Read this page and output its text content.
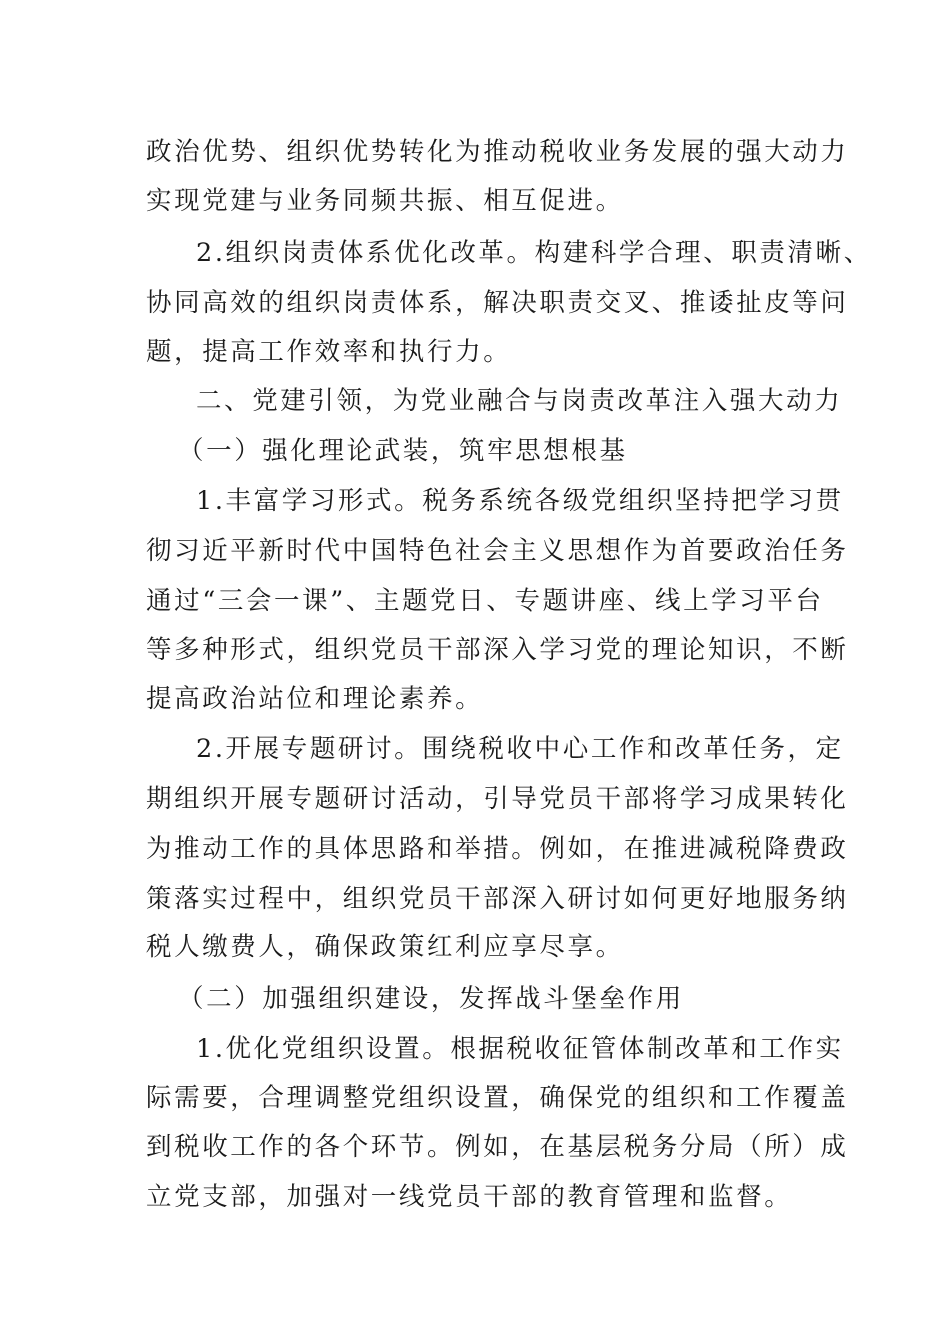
政治优势、组织优势转化为推动税收业务发展的强大动力
实现党建与业务同频共振、相互促进。
2.组织岗责体系优化改革。构建科学合理、职责清晰、
协同高效的组织岗责体系，解决职责交叉、推诿扯皮等问
题，提高工作效率和执行力。
二、党建引领，为党业融合与岗责改革注入强大动力
（一）强化理论武装，筑牢思想根基
1.丰富学习形式。税务系统各级党组织坚持把学习贯
彻习近平新时代中国特色社会主义思想作为首要政治任务
通过“三会一课”、主题党日、专题讲座、线上学习平台
等多种形式，组织党员干部深入学习党的理论知识，不断
提高政治站位和理论素养。
2.开展专题研讨。围绕税收中心工作和改革任务，定
期组织开展专题研讨活动，引导党员干部将学习成果转化
为推动工作的具体思路和举措。例如，在推进减税降费政
策落实过程中，组织党员干部深入研讨如何更好地服务纳
税人缴费人，确保政策红利应享尽享。
（二）加强组织建设，发挥战斗堡垒作用
1.优化党组织设置。根据税收征管体制改革和工作实
际需要，合理调整党组织设置，确保党的组织和工作覆盖
到税收工作的各个环节。例如，在基层税务分局（所）成
立党支部，加强对一线党员干部的教育管理和监督。
